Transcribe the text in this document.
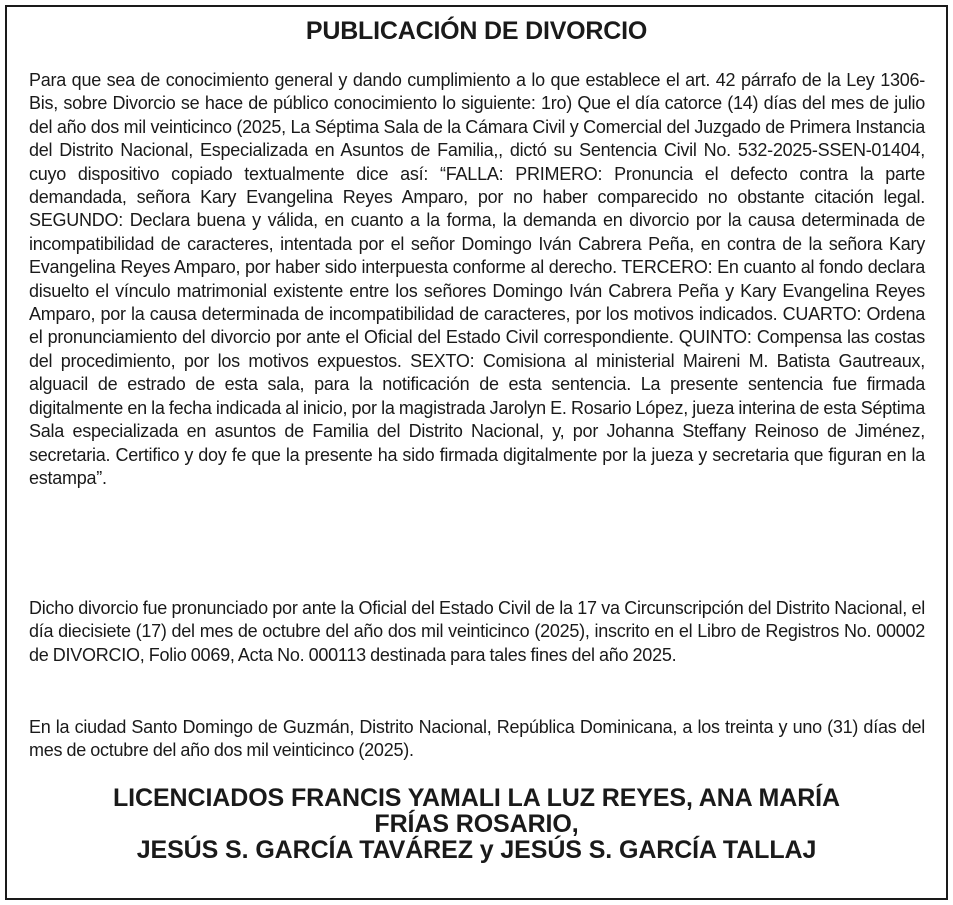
PUBLICACIÓN DE DIVORCIO

Para que sea de conocimiento general y dando cumplimiento a lo que establece el art. 42 párrafo de la Ley 1306-Bis, sobre Divorcio se hace de público conocimiento lo siguiente: 1ro) Que el día catorce (14) días del mes de julio del año dos mil veinticinco (2025, La Séptima Sala de la Cámara Civil y Comercial del Juzgado de Primera Instancia del Distrito Nacional, Especializada en Asuntos de Familia,, dictó su Sentencia Civil No. 532-2025-SSEN-01404, cuyo dispositivo copiado textualmente dice así: “FALLA: PRIMERO: Pronuncia el defecto contra la parte demandada, señora Kary Evangelina Reyes Amparo, por no haber comparecido no obstante citación legal. SEGUNDO: Declara buena y válida, en cuanto a la forma, la demanda en divorcio por la causa determinada de incompatibilidad de caracteres, intentada por el señor Domingo Iván Cabrera Peña, en contra de la señora Kary Evangelina Reyes Amparo, por haber sido interpuesta conforme al derecho. TERCERO: En cuanto al fondo declara disuelto el vínculo matrimonial existente entre los señores Domingo Iván Cabrera Peña y Kary Evangelina Reyes Amparo, por la causa determinada de incompatibilidad de caracteres, por los motivos indicados. CUARTO: Ordena el pronunciamiento del divorcio por ante el Oficial del Estado Civil correspondiente. QUINTO: Compensa las costas del procedimiento, por los motivos expuestos. SEXTO: Comisiona al ministerial Maireni M. Batista Gautreaux, alguacil de estrado de esta sala, para la notificación de esta sentencia. La presente sentencia fue firmada digitalmente en la fecha indicada al inicio, por la magistrada Jarolyn E. Rosario López, jueza interina de esta Séptima Sala especializada en asuntos de Familia del Distrito Nacional, y, por Johanna Steffany Reinoso de Jiménez, secretaria. Certifico y doy fe que la presente ha sido firmada digitalmente por la jueza y secretaria que figuran en la estampa”.

Dicho divorcio fue pronunciado por ante la Oficial del Estado Civil de la 17 va Circunscripción del Distrito Nacional, el día diecisiete (17) del mes de octubre del año dos mil veinticinco (2025), inscrito en el Libro de Registros No. 00002 de DIVORCIO, Folio 0069, Acta No. 000113 destinada para tales fines del año 2025.

En la ciudad Santo Domingo de Guzmán, Distrito Nacional, República Dominicana, a los treinta y uno (31) días del mes de octubre del año dos mil veinticinco (2025).

LICENCIADOS FRANCIS YAMALI LA LUZ REYES, ANA MARÍA
FRÍAS ROSARIO,
JESÚS S. GARCÍA TAVÁREZ y JESÚS S. GARCÍA TALLAJ
